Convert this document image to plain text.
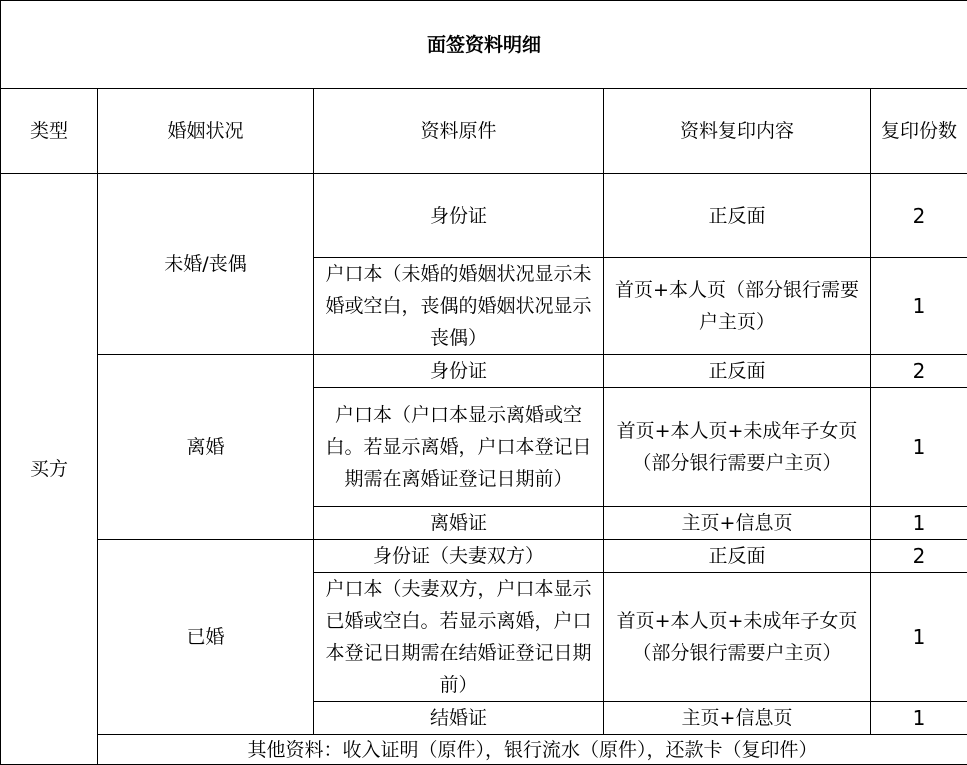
面签资料明细				
类型	婚姻状况	资料原件	资料复印内容	复印份数
买方	未婚/丧偶	身份证	正反面	2
		户口本（未婚的婚姻状况显示未婚或空白，丧偶的婚姻状况显示丧偶）	首页+本人页（部分银行需要户主页）	1
	离婚	身份证	正反面	2
		户口本（户口本显示离婚或空白。若显示离婚，户口本登记日期需在离婚证登记日期前）	首页+本人页+未成年子女页（部分银行需要户主页）	1
		离婚证	主页+信息页	1
	已婚	身份证（夫妻双方）	正反面	2
		户口本（夫妻双方，户口本显示已婚或空白。若显示离婚，户口本登记日期需在结婚证登记日期前）	首页+本人页+未成年子女页（部分银行需要户主页）	1
		结婚证	主页+信息页	1
	其他资料：收入证明（原件），银行流水（原件），还款卡（复印件）			
